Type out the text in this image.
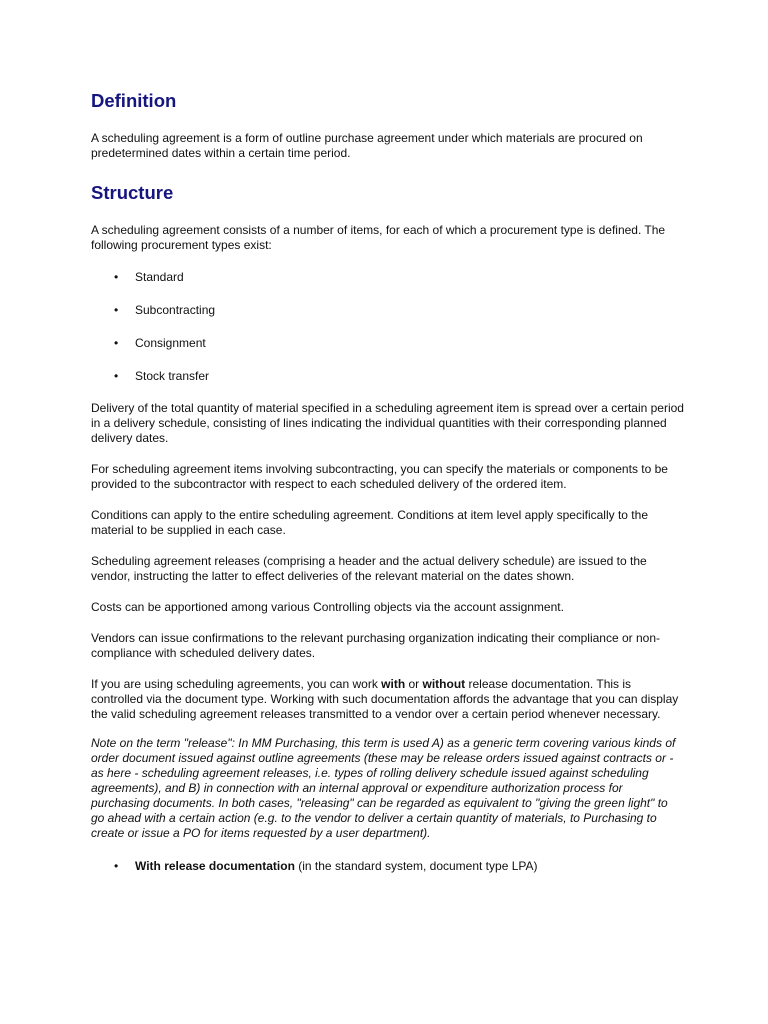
Definition

A scheduling agreement is a form of outline purchase agreement under which materials are procured on predetermined dates within a certain time period.

Structure

A scheduling agreement consists of a number of items, for each of which a procurement type is defined. The following procurement types exist:

• Standard
• Subcontracting
• Consignment
• Stock transfer

Delivery of the total quantity of material specified in a scheduling agreement item is spread over a certain period in a delivery schedule, consisting of lines indicating the individual quantities with their corresponding planned delivery dates.

For scheduling agreement items involving subcontracting, you can specify the materials or components to be provided to the subcontractor with respect to each scheduled delivery of the ordered item.

Conditions can apply to the entire scheduling agreement. Conditions at item level apply specifically to the material to be supplied in each case.

Scheduling agreement releases (comprising a header and the actual delivery schedule) are issued to the vendor, instructing the latter to effect deliveries of the relevant material on the dates shown.

Costs can be apportioned among various Controlling objects via the account assignment.

Vendors can issue confirmations to the relevant purchasing organization indicating their compliance or non-compliance with scheduled delivery dates.

If you are using scheduling agreements, you can work with or without release documentation. This is controlled via the document type. Working with such documentation affords the advantage that you can display the valid scheduling agreement releases transmitted to a vendor over a certain period whenever necessary.

Note on the term "release": In MM Purchasing, this term is used A) as a generic term covering various kinds of order document issued against outline agreements (these may be release orders issued against contracts or - as here - scheduling agreement releases, i.e. types of rolling delivery schedule issued against scheduling agreements), and B) in connection with an internal approval or expenditure authorization process for purchasing documents. In both cases, "releasing" can be regarded as equivalent to "giving the green light" to go ahead with a certain action (e.g. to the vendor to deliver a certain quantity of materials, to Purchasing to create or issue a PO for items requested by a user department).

• With release documentation (in the standard system, document type LPA)
